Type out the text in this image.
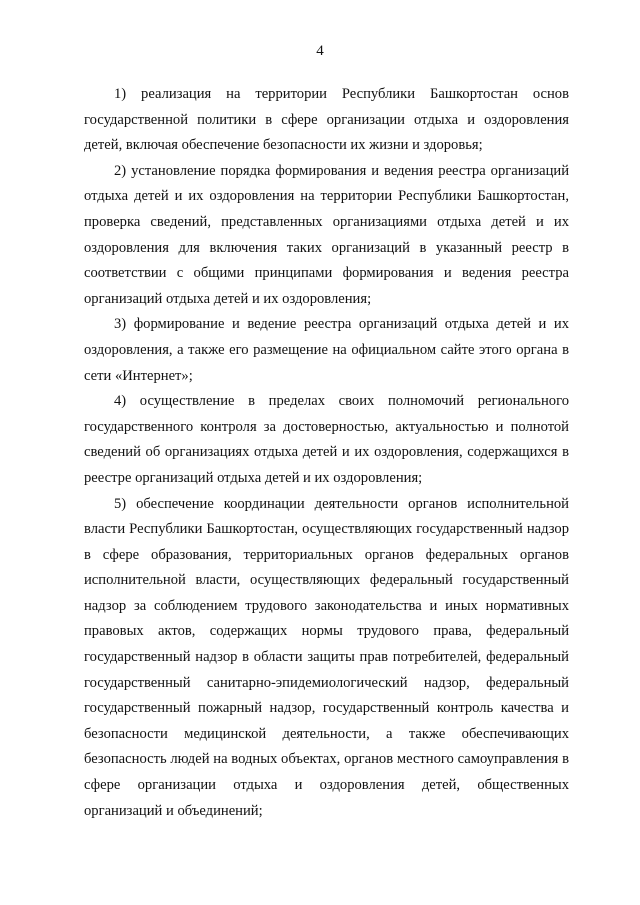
4

1) реализация на территории Республики Башкортостан основ государственной политики в сфере организации отдыха и оздоровления детей, включая обеспечение безопасности их жизни и здоровья;

2) установление порядка формирования и ведения реестра организаций отдыха детей и их оздоровления на территории Республики Башкортостан, проверка сведений, представленных организациями отдыха детей и их оздоровления для включения таких организаций в указанный реестр в соответствии с общими принципами формирования и ведения реестра организаций отдыха детей и их оздоровления;

3) формирование и ведение реестра организаций отдыха детей и их оздоровления, а также его размещение на официальном сайте этого органа в сети «Интернет»;

4) осуществление в пределах своих полномочий регионального государственного контроля за достоверностью, актуальностью и полнотой сведений об организациях отдыха детей и их оздоровления, содержащихся в реестре организаций отдыха детей и их оздоровления;

5) обеспечение координации деятельности органов исполнительной власти Республики Башкортостан, осуществляющих государственный надзор в сфере образования, территориальных органов федеральных органов исполнительной власти, осуществляющих федеральный государственный надзор за соблюдением трудового законодательства и иных нормативных правовых актов, содержащих нормы трудового права, федеральный государственный надзор в области защиты прав потребителей, федеральный государственный санитарно-эпидемиологический надзор, федеральный государственный пожарный надзор, государственный контроль качества и безопасности медицинской деятельности, а также обеспечивающих безопасность людей на водных объектах, органов местного самоуправления в сфере организации отдыха и оздоровления детей, общественных организаций и объединений;
